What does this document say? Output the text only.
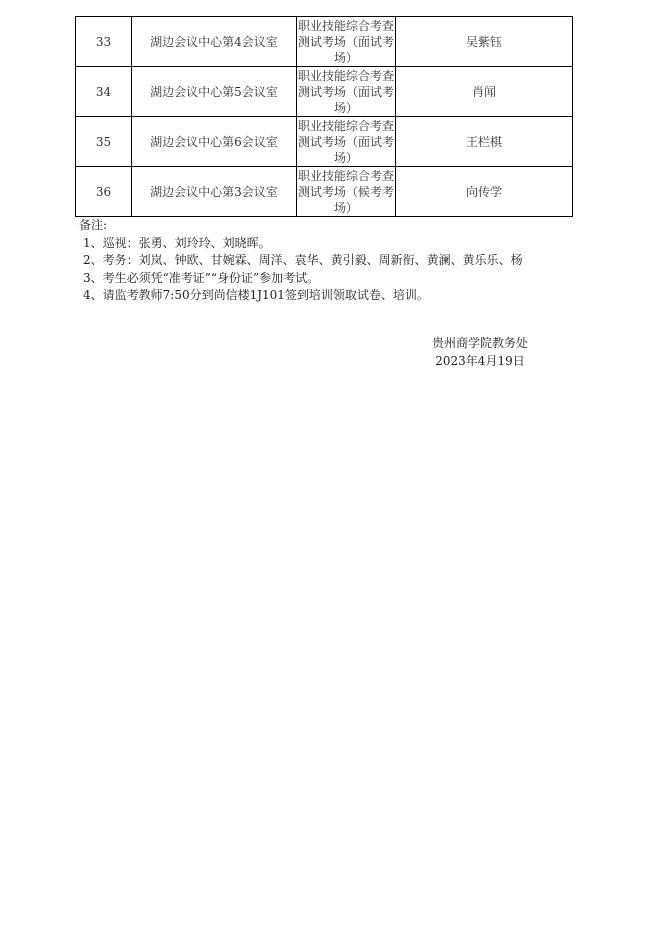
33	湖边会议中心第4会议室	职业技能综合考查测试考场（面试考场）	吴紫钰
34	湖边会议中心第5会议室	职业技能综合考查测试考场（面试考场）	肖闻
35	湖边会议中心第6会议室	职业技能综合考查测试考场（面试考场）	王栏棋
36	湖边会议中心第3会议室	职业技能综合考查测试考场（候考考场）	向传学
备注:
1、巡视：张勇、刘玲玲、刘晓晖。
2、考务：刘岚、钟欧、甘婉霖、周洋、袁华、黄引毅、周新衔、黄澜、黄乐乐、杨
3、考生必须凭“准考证”“身份证”参加考试。
4、请监考教师7:50分到尚信楼1J101签到培训领取试卷、培训。
贵州商学院教务处
2023年4月19日
